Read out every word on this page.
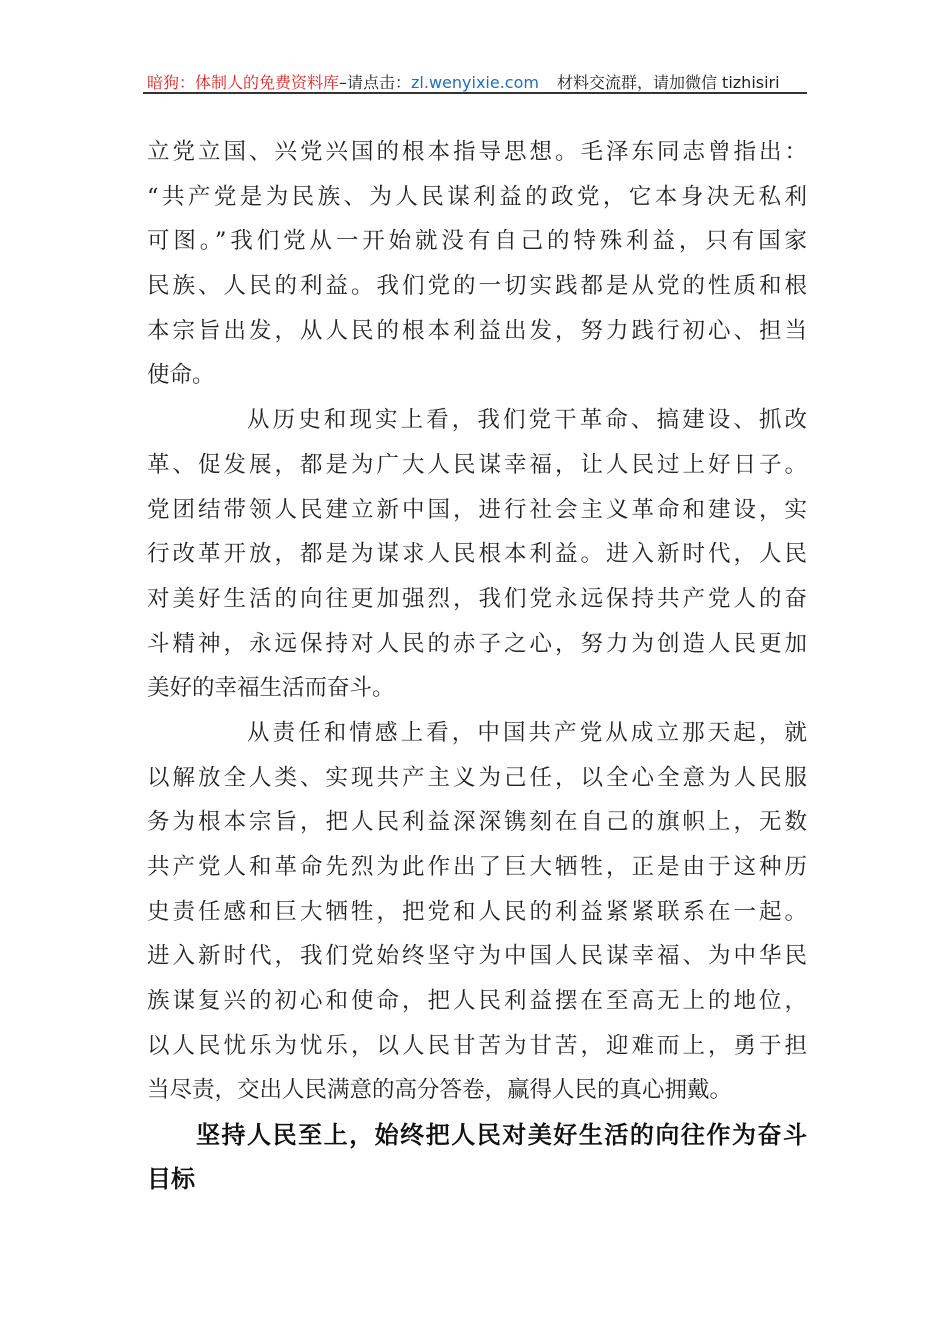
暗狗：体制人的免费资料库 –请点击： zl.wenyixie.com 材料交流群，请加微信 tizhisiri
立党立国、兴党兴国的根本指导思想。毛泽东同志曾指出：
“共产党是为民族、为人民谋利益的政党，它本身决无私利
可图。”我们党从一开始就没有自己的特殊利益，只有国家
民族、人民的利益。我们党的一切实践都是从党的性质和根
本宗旨出发，从人民的根本利益出发，努力践行初心、担当
使命。
从历史和现实上看，我们党干革命、搞建设、抓改
革、促发展，都是为广大人民谋幸福，让人民过上好日子。
党团结带领人民建立新中国，进行社会主义革命和建设，实
行改革开放，都是为谋求人民根本利益。进入新时代，人民
对美好生活的向往更加强烈，我们党永远保持共产党人的奋
斗精神，永远保持对人民的赤子之心，努力为创造人民更加
美好的幸福生活而奋斗。
从责任和情感上看，中国共产党从成立那天起，就
以解放全人类、实现共产主义为己任，以全心全意为人民服
务为根本宗旨，把人民利益深深镌刻在自己的旗帜上，无数
共产党人和革命先烈为此作出了巨大牺牲，正是由于这种历
史责任感和巨大牺牲，把党和人民的利益紧紧联系在一起。
进入新时代，我们党始终坚守为中国人民谋幸福、为中华民
族谋复兴的初心和使命，把人民利益摆在至高无上的地位，
以人民忧乐为忧乐，以人民甘苦为甘苦，迎难而上，勇于担
当尽责，交出人民满意的高分答卷，赢得人民的真心拥戴。
坚持人民至上，始终把人民对美好生活的向往作为奋斗
目标
